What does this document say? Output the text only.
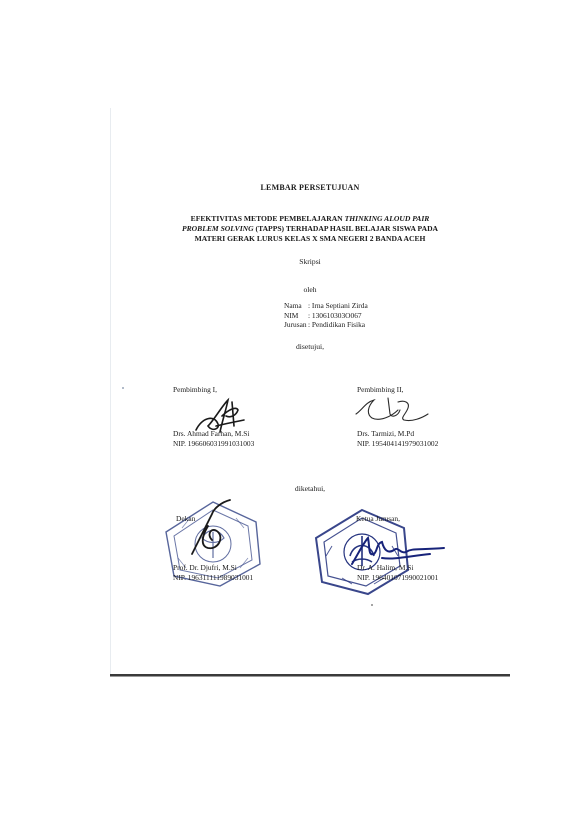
LEMBAR PERSETUJUAN
EFEKTIVITAS METODE PEMBELAJARAN THINKING ALOUD PAIR
PROBLEM SOLVING (TAPPS) TERHADAP HASIL BELAJAR SISWA PADA
MATERI GERAK LURUS KELAS X SMA NEGERI 2 BANDA ACEH
Skripsi
oleh
Nama : Irna Septiani Zirda
NIM	: 130610303O067
Jurusan : Pendidikan Fisika
disetujui,
Pembimbing I,
Drs. Ahmad Farhan, M.Si
NIP. 196606031991031003
Pembimbing II,
Drs. Tarmizi, M.Pd
NIP. 195404141979031002
diketahui,
Dekan
Prof. Dr. Djufri, M.Si
NIP. 196311111989031001
Ketua Jurusan,
Dr. A. Halim, M.Si
NIP. 196401071990021001
